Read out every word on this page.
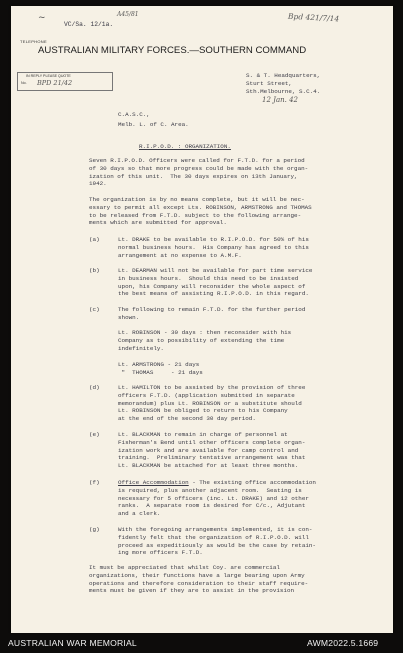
~	A45/81	Bpd 421/7/14
VC/Sa. 12/1a.
TELEPHONE
AUSTRALIAN MILITARY FORCES.—SOUTHERN COMMAND
IN REPLY PLEASE QUOTE
No. BPD 21/42
S. & T. Headquarters,
Sturt Street,
Sth.Melbourne, S.C.4.
12 Jan. 42
C.A.S.C.,
Melb. L. of C. Area.
R.I.P.O.D. : ORGANIZATION.
Seven R.I.P.O.D. Officers were called for F.T.D. for a period
of 30 days so that more progress could be made with the organ-
ization of this unit.  The 30 days expires on 13th January,
1942.
The organization is by no means complete, but it will be nec-
essary to permit all except Lts. ROBINSON, ARMSTRONG and THOMAS
to be released from F.T.D. subject to the following arrange-
ments which are submitted for approval.
(a)	Lt. DRAKE to be available to R.I.P.O.D. for 50% of his
normal business hours.  His Company has agreed to this
arrangement at no expense to A.M.F.
(b)	Lt. DEARMAN will not be available for part time service
in business hours.  Should this need to be insisted
upon, his Company will reconsider the whole aspect of
the best means of assisting R.I.P.O.D. in this regard.
(c)	The following to remain F.T.D. for the further period
shown.
Lt. ROBINSON - 30 days : then reconsider with his
Company as to possibility of extending the time
indefinitely.
Lt. ARMSTRONG - 21 days
"  THOMAS     - 21 days
(d)	Lt. HAMILTON to be assisted by the provision of three
officers F.T.D. (application submitted in separate
memorandum) plus Lt. ROBINSON or a substitute should
Lt. ROBINSON be obliged to return to his Company
at the end of the second 30 day period.
(e)	Lt. BLACKMAN to remain in charge of personnel at
Fisherman's Bend until other officers complete organ-
ization work and are available for camp control and
training.  Preliminary tentative arrangement was that
Lt. BLACKMAN be attached for at least three months.
(f)	Office Accommodation - The existing office accommodation
is required, plus another adjacent room.  Seating is
necessary for 5 officers (inc. Lt. DRAKE) and 12 other
ranks.  A separate room is desired for C/c., Adjutant
and a clerk.
(g)	With the foregoing arrangements implemented, it is con-
fidently felt that the organization of R.I.P.O.D. will
proceed as expeditiously as would be the case by retain-
ing more officers F.T.D.
It must be appreciated that whilst Coy. are commercial
organizations, their functions have a large bearing upon Army
operations and therefore consideration to their staff require-
ments must be given if they are to assist in the provision
AUSTRALIAN WAR MEMORIAL	AWM2022.5.1669
